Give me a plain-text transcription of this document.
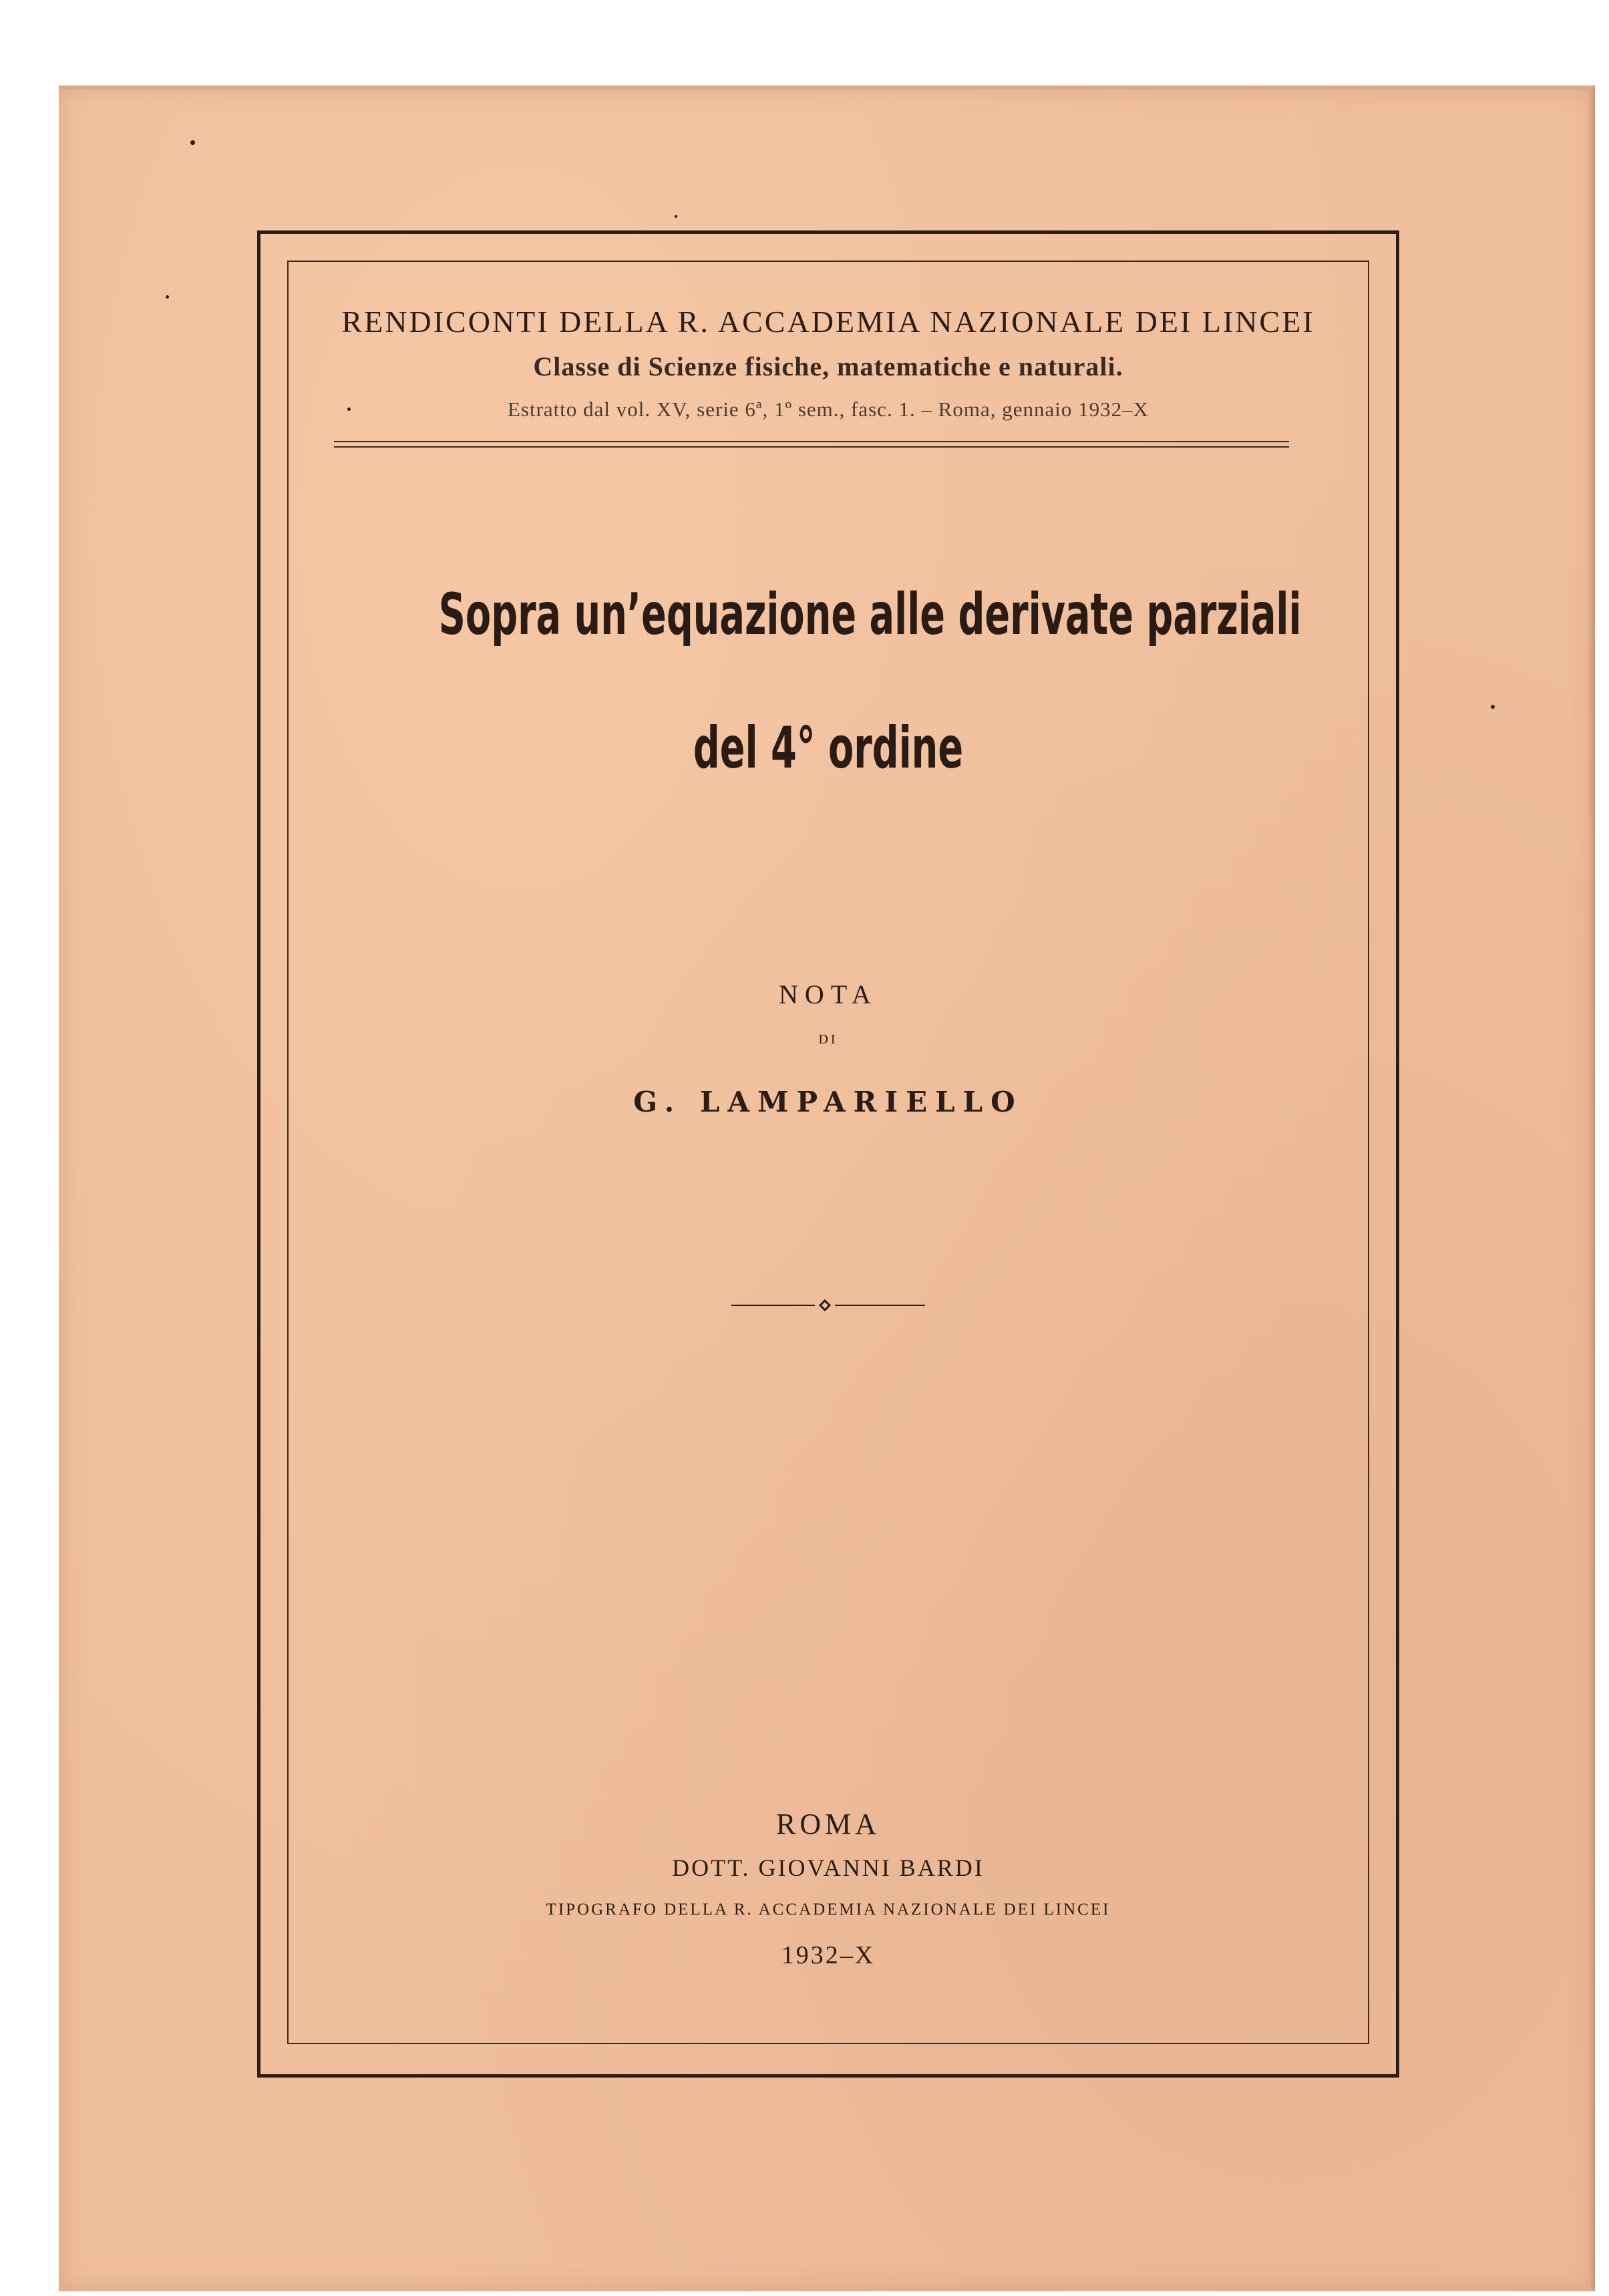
RENDICONTI DELLA R. ACCADEMIA NAZIONALE DEI LINCEI
Classe di Scienze fisiche, matematiche e naturali.
Estratto dal vol. XV, serie 6ª, 1º sem., fasc. 1. – Roma, gennaio 1932–X
Sopra un’equazione alle derivate parziali
del 4° ordine
NOTA
DI
G. LAMPARIELLO
ROMA
DOTT. GIOVANNI BARDI
TIPOGRAFO DELLA R. ACCADEMIA NAZIONALE DEI LINCEI
1932–X
